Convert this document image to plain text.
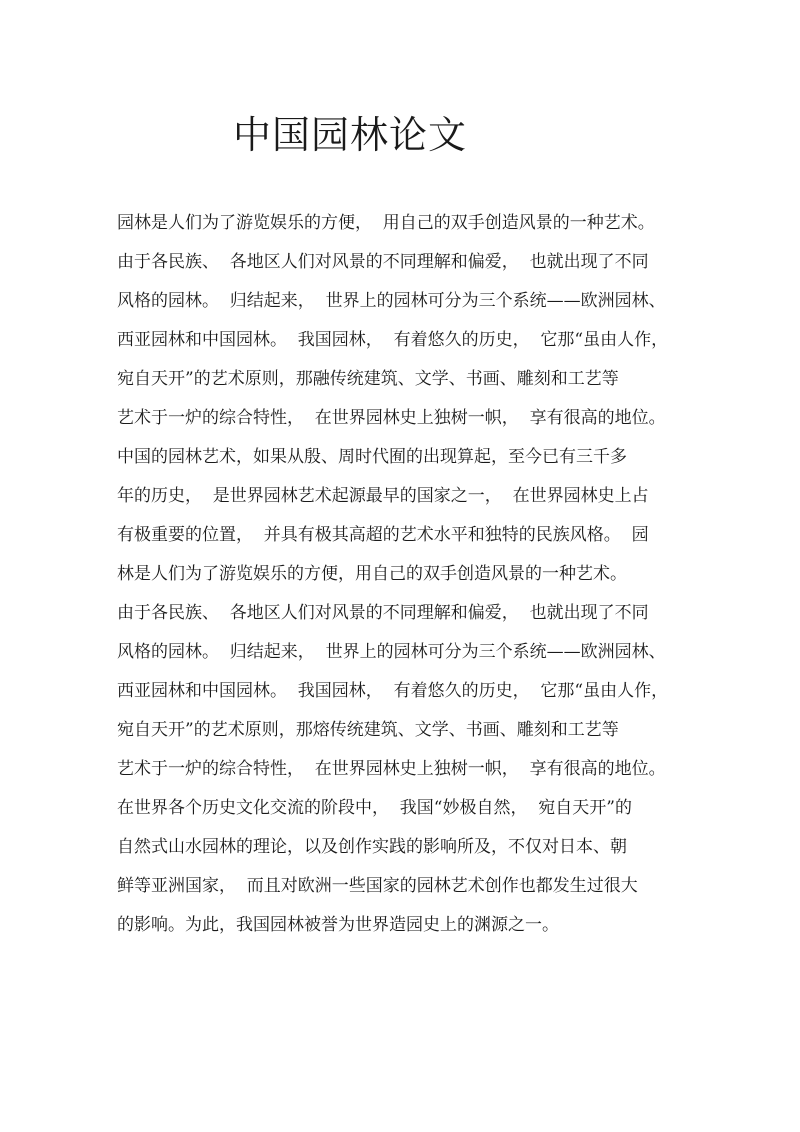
中国园林论文
园林是人们为了游览娱乐的方便，  用自己的双手创造风景的一种艺术。
由于各民族、  各地区人们对风景的不同理解和偏爱，  也就出现了不同
风格的园林。  归结起来，  世界上的园林可分为三个系统——欧洲园林、
西亚园林和中国园林。  我国园林，  有着悠久的历史，  它那“虽由人作，
宛自天开”的艺术原则，那融传统建筑、文学、书画、雕刻和工艺等
艺术于一炉的综合特性，  在世界园林史上独树一帜，  享有很高的地位。
中国的园林艺术，如果从殷、周时代囿的出现算起，至今已有三千多
年的历史，  是世界园林艺术起源最早的国家之一，  在世界园林史上占
有极重要的位置，  并具有极其高超的艺术水平和独特的民族风格。  园
林是人们为了游览娱乐的方便，用自己的双手创造风景的一种艺术。
由于各民族、  各地区人们对风景的不同理解和偏爱，  也就出现了不同
风格的园林。  归结起来，  世界上的园林可分为三个系统——欧洲园林、
西亚园林和中国园林。  我国园林，  有着悠久的历史，  它那“虽由人作，
宛自天开”的艺术原则，那熔传统建筑、文学、书画、雕刻和工艺等
艺术于一炉的综合特性，  在世界园林史上独树一帜，  享有很高的地位。
在世界各个历史文化交流的阶段中，  我国“妙极自然，  宛自天开”的
自然式山水园林的理论，以及创作实践的影响所及，不仅对日本、朝
鲜等亚洲国家，  而且对欧洲一些国家的园林艺术创作也都发生过很大
的影响。为此，我国园林被誉为世界造园史上的渊源之一。
